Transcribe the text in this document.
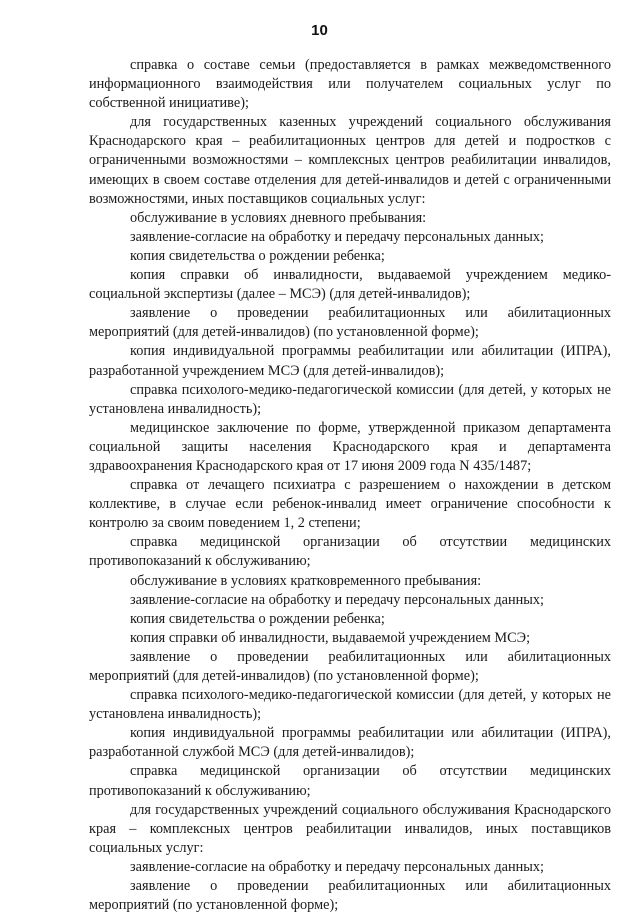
10

справка о составе семьи (предоставляется в рамках межведомственного информационного взаимодействия или получателем социальных услуг по собственной инициативе);

для государственных казенных учреждений социального обслуживания Краснодарского края – реабилитационных центров для детей и подростков с ограниченными возможностями – комплексных центров реабилитации инвалидов, имеющих в своем составе отделения для детей-инвалидов и детей с ограниченными возможностями, иных поставщиков социальных услуг:

обслуживание в условиях дневного пребывания:

заявление-согласие на обработку и передачу персональных данных;

копия свидетельства о рождении ребенка;

копия справки об инвалидности, выдаваемой учреждением медико-социальной экспертизы (далее – МСЭ) (для детей-инвалидов);

заявление о проведении реабилитационных или абилитационных мероприятий (для детей-инвалидов) (по установленной форме);

копия индивидуальной программы реабилитации или абилитации (ИПРА), разработанной учреждением МСЭ (для детей-инвалидов);

справка психолого-медико-педагогической комиссии (для детей, у которых не установлена инвалидность);

медицинское заключение по форме, утвержденной приказом департамента социальной защиты населения Краснодарского края и департамента здравоохранения Краснодарского края от 17 июня 2009 года N 435/1487;

справка от лечащего психиатра с разрешением о нахождении в детском коллективе, в случае если ребенок-инвалид имеет ограничение способности к контролю за своим поведением 1, 2 степени;

справка медицинской организации об отсутствии медицинских противопоказаний к обслуживанию;

обслуживание в условиях кратковременного пребывания:

заявление-согласие на обработку и передачу персональных данных;

копия свидетельства о рождении ребенка;

копия справки об инвалидности, выдаваемой учреждением МСЭ;

заявление о проведении реабилитационных или абилитационных мероприятий (для детей-инвалидов) (по установленной форме);

справка психолого-медико-педагогической комиссии (для детей, у которых не установлена инвалидность);

копия индивидуальной программы реабилитации или абилитации (ИПРА), разработанной службой МСЭ (для детей-инвалидов);

справка медицинской организации об отсутствии медицинских противопоказаний к обслуживанию;

для государственных учреждений социального обслуживания Краснодарского края – комплексных центров реабилитации инвалидов, иных поставщиков социальных услуг:

заявление-согласие на обработку и передачу персональных данных;

заявление о проведении реабилитационных или абилитационных мероприятий (по установленной форме);
